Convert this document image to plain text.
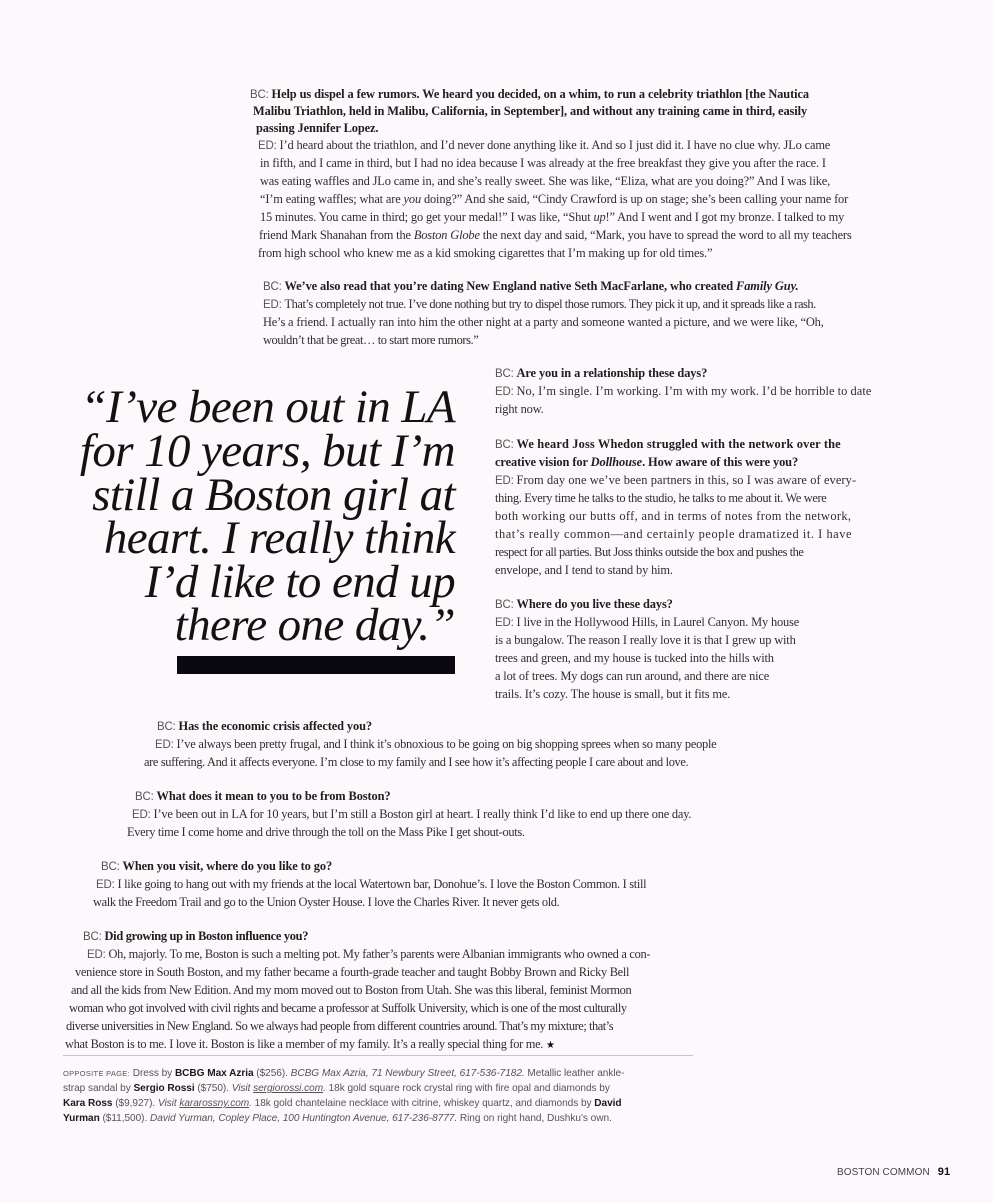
BC: Help us dispel a few rumors. We heard you decided, on a whim, to run a celebrity triathlon [the Nautica
Malibu Triathlon, held in Malibu, California, in September], and without any training came in third, easily
passing Jennifer Lopez.
ED: I’d heard about the triathlon, and I’d never done anything like it. And so I just did it. I have no clue why. JLo came
in fifth, and I came in third, but I had no idea because I was already at the free breakfast they give you after the race. I
was eating waffles and JLo came in, and she’s really sweet. She was like, “Eliza, what are you doing?” And I was like,
“I’m eating waffles; what are you doing?” And she said, “Cindy Crawford is up on stage; she’s been calling your name for
15 minutes. You came in third; go get your medal!” I was like, “Shut up!” And I went and I got my bronze. I talked to my
friend Mark Shanahan from the Boston Globe the next day and said, “Mark, you have to spread the word to all my teachers
from high school who knew me as a kid smoking cigarettes that I’m making up for old times.”
BC: We’ve also read that you’re dating New England native Seth MacFarlane, who created Family Guy.
ED: That’s completely not true. I’ve done nothing but try to dispel those rumors. They pick it up, and it spreads like a rash.
He’s a friend. I actually ran into him the other night at a party and someone wanted a picture, and we were like, “Oh,
wouldn’t that be great… to start more rumors.”
“I’ve been out in LA
for 10 years, but I’m
still a Boston girl at
heart. I really think
I’d like to end up
there one day.”
BC: Are you in a relationship these days?
ED: No, I’m single. I’m working. I’m with my work. I’d be horrible to date
right now.
BC: We heard Joss Whedon struggled with the network over the
creative vision for Dollhouse. How aware of this were you?
ED: From day one we’ve been partners in this, so I was aware of every-
thing. Every time he talks to the studio, he talks to me about it. We were
both working our butts off, and in terms of notes from the network,
that’s really common—and certainly people dramatized it. I have
respect for all parties. But Joss thinks outside the box and pushes the
envelope, and I tend to stand by him.
BC: Where do you live these days?
ED: I live in the Hollywood Hills, in Laurel Canyon. My house
is a bungalow. The reason I really love it is that I grew up with
trees and green, and my house is tucked into the hills with
a lot of trees. My dogs can run around, and there are nice
trails. It’s cozy. The house is small, but it fits me.
BC: Has the economic crisis affected you?
ED: I’ve always been pretty frugal, and I think it’s obnoxious to be going on big shopping sprees when so many people
are suffering. And it affects everyone. I’m close to my family and I see how it’s affecting people I care about and love.
BC: What does it mean to you to be from Boston?
ED: I’ve been out in LA for 10 years, but I’m still a Boston girl at heart. I really think I’d like to end up there one day.
Every time I come home and drive through the toll on the Mass Pike I get shout-outs.
BC: When you visit, where do you like to go?
ED: I like going to hang out with my friends at the local Watertown bar, Donohue’s. I love the Boston Common. I still
walk the Freedom Trail and go to the Union Oyster House. I love the Charles River. It never gets old.
BC: Did growing up in Boston influence you?
ED: Oh, majorly. To me, Boston is such a melting pot. My father’s parents were Albanian immigrants who owned a con-
venience store in South Boston, and my father became a fourth-grade teacher and taught Bobby Brown and Ricky Bell
and all the kids from New Edition. And my mom moved out to Boston from Utah. She was this liberal, feminist Mormon
woman who got involved with civil rights and became a professor at Suffolk University, which is one of the most culturally
diverse universities in New England. So we always had people from different countries around. That’s my mixture; that’s
what Boston is to me. I love it. Boston is like a member of my family. It’s a really special thing for me. ★
OPPOSITE PAGE: Dress by BCBG Max Azria ($256). BCBG Max Azria, 71 Newbury Street, 617-536-7182. Metallic leather ankle-
strap sandal by Sergio Rossi ($750). Visit sergiorossi.com. 18k gold square rock crystal ring with fire opal and diamonds by
Kara Ross ($9,927). Visit kararossny.com. 18k gold chantelaine necklace with citrine, whiskey quartz, and diamonds by David
Yurman ($11,500). David Yurman, Copley Place, 100 Huntington Avenue, 617-236-8777. Ring on right hand, Dushku’s own.
BOSTON COMMON 91
